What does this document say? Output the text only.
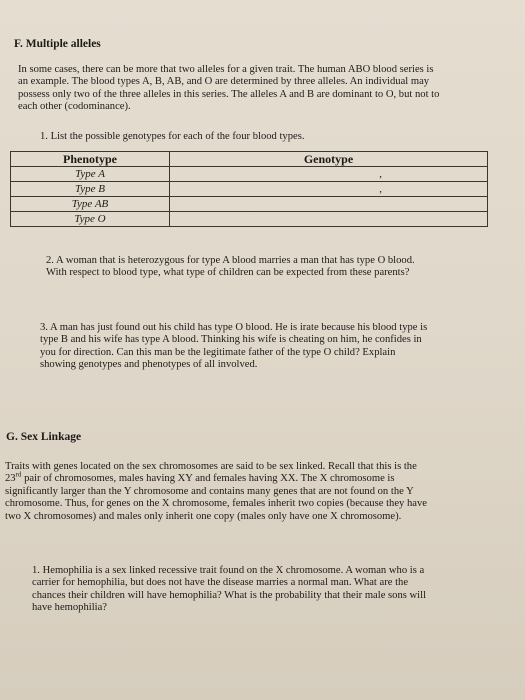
F. Multiple alleles
In some cases, there can be more that two alleles for a given trait. The human ABO blood series is
an example. The blood types A, B, AB, and O are determined by three alleles. An individual may
possess only two of the three alleles in this series. The alleles A and B are dominant to O, but not to
each other (codominance).
1. List the possible genotypes for each of the four blood types.
Phenotype	Genotype
Type A	,
Type B	,
Type AB	
Type O	
2. A woman that is heterozygous for type A blood marries a man that has type O blood.
With respect to blood type, what type of children can be expected from these parents?
3. A man has just found out his child has type O blood. He is irate because his blood type is
type B and his wife has type A blood. Thinking his wife is cheating on him, he confides in
you for direction. Can this man be the legitimate father of the type O child? Explain
showing genotypes and phenotypes of all involved.
G. Sex Linkage
Traits with genes located on the sex chromosomes are said to be sex linked. Recall that this is the
23rd pair of chromosomes, males having XY and females having XX. The X chromosome is
significantly larger than the Y chromosome and contains many genes that are not found on the Y
chromosome. Thus, for genes on the X chromosome, females inherit two copies (because they have
two X chromosomes) and males only inherit one copy (males only have one X chromosome).
1. Hemophilia is a sex linked recessive trait found on the X chromosome. A woman who is a
carrier for hemophilia, but does not have the disease marries a normal man. What are the
chances their children will have hemophilia? What is the probability that their male sons will
have hemophilia?
